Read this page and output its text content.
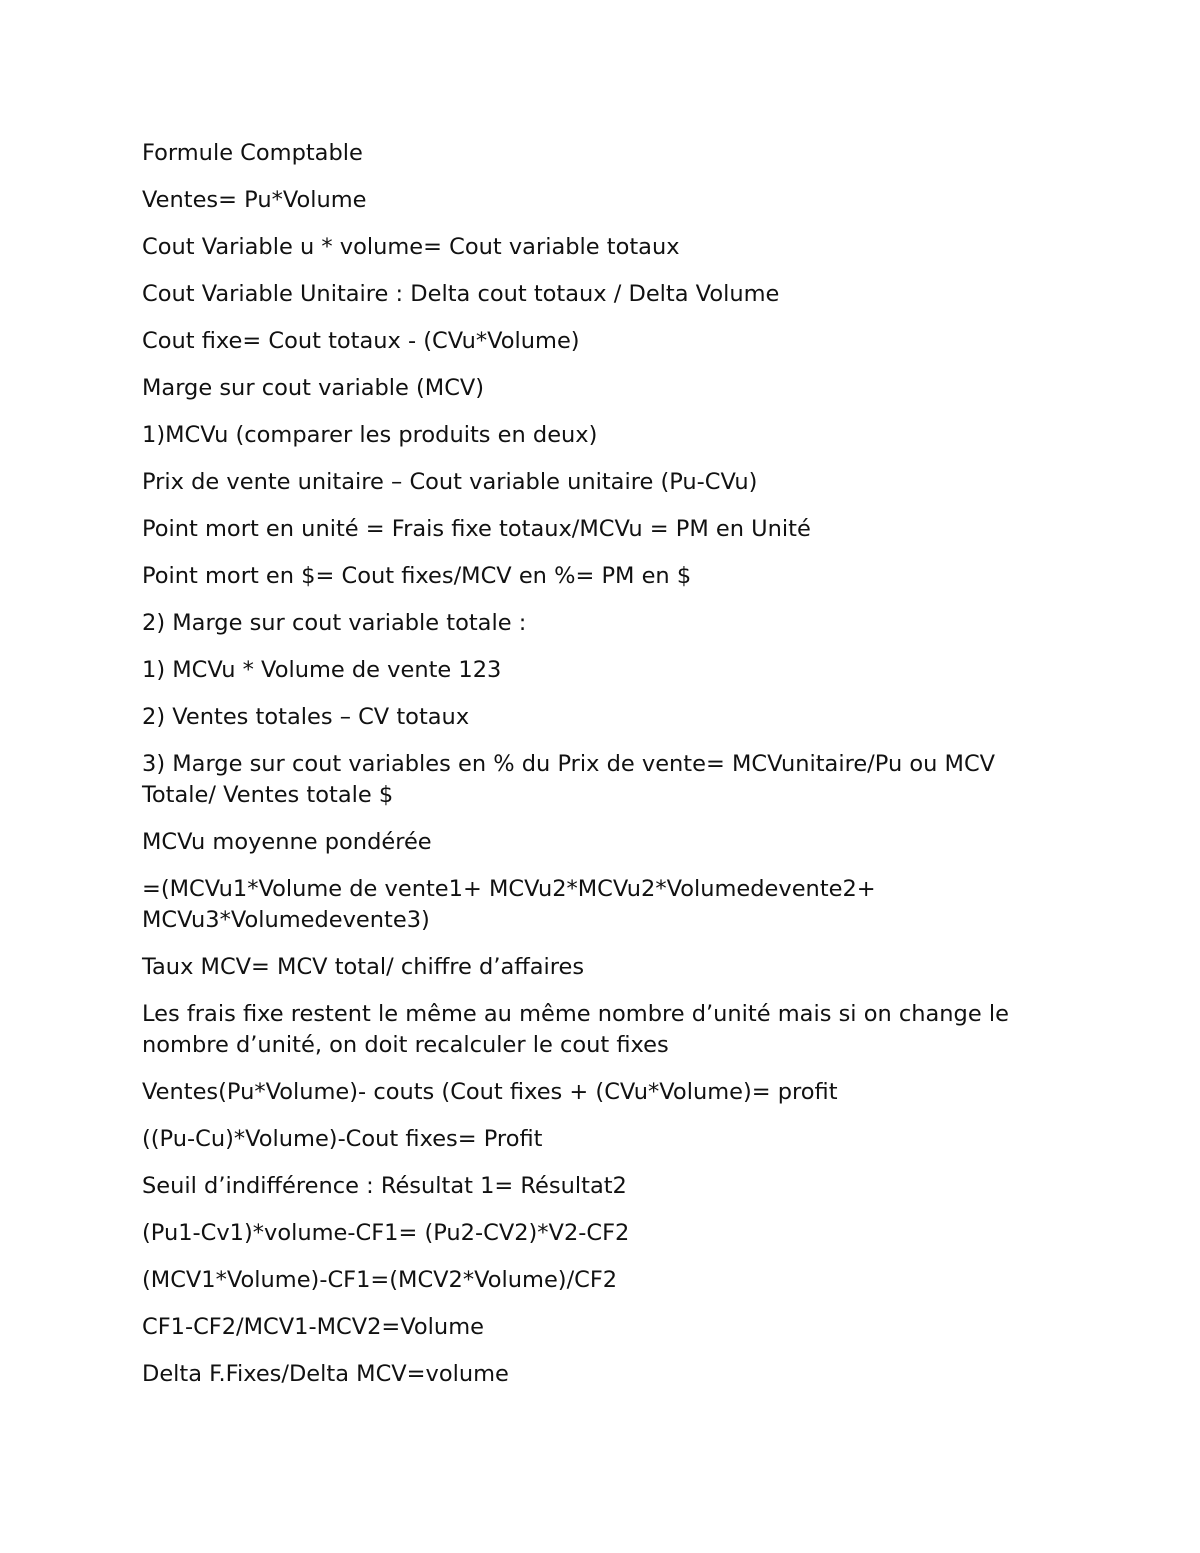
Formule Comptable

Ventes= Pu*Volume

Cout Variable u * volume= Cout variable totaux

Cout Variable Unitaire : Delta cout totaux / Delta Volume

Cout fixe= Cout totaux - (CVu*Volume)

Marge sur cout variable (MCV)

1)MCVu (comparer les produits en deux)

Prix de vente unitaire – Cout variable unitaire (Pu-CVu)

Point mort en unité = Frais fixe totaux/MCVu = PM en Unité

Point mort en $= Cout fixes/MCV en %= PM en $

2) Marge sur cout variable totale :

1) MCVu * Volume de vente 123

2) Ventes totales – CV totaux

3) Marge sur cout variables en % du Prix de vente= MCVunitaire/Pu ou MCV Totale/ Ventes totale $

MCVu moyenne pondérée

=(MCVu1*Volume de vente1+ MCVu2*MCVu2*Volumedevente2+ MCVu3*Volumedevente3)

Taux MCV= MCV total/ chiffre d’affaires

Les frais fixe restent le même au même nombre d’unité mais si on change le nombre d’unité, on doit recalculer le cout fixes

Ventes(Pu*Volume)- couts (Cout fixes + (CVu*Volume)= profit

((Pu-Cu)*Volume)-Cout fixes= Profit

Seuil d’indifférence : Résultat 1= Résultat2

(Pu1-Cv1)*volume-CF1= (Pu2-CV2)*V2-CF2

(MCV1*Volume)-CF1=(MCV2*Volume)/CF2

CF1-CF2/MCV1-MCV2=Volume

Delta F.Fixes/Delta MCV=volume
